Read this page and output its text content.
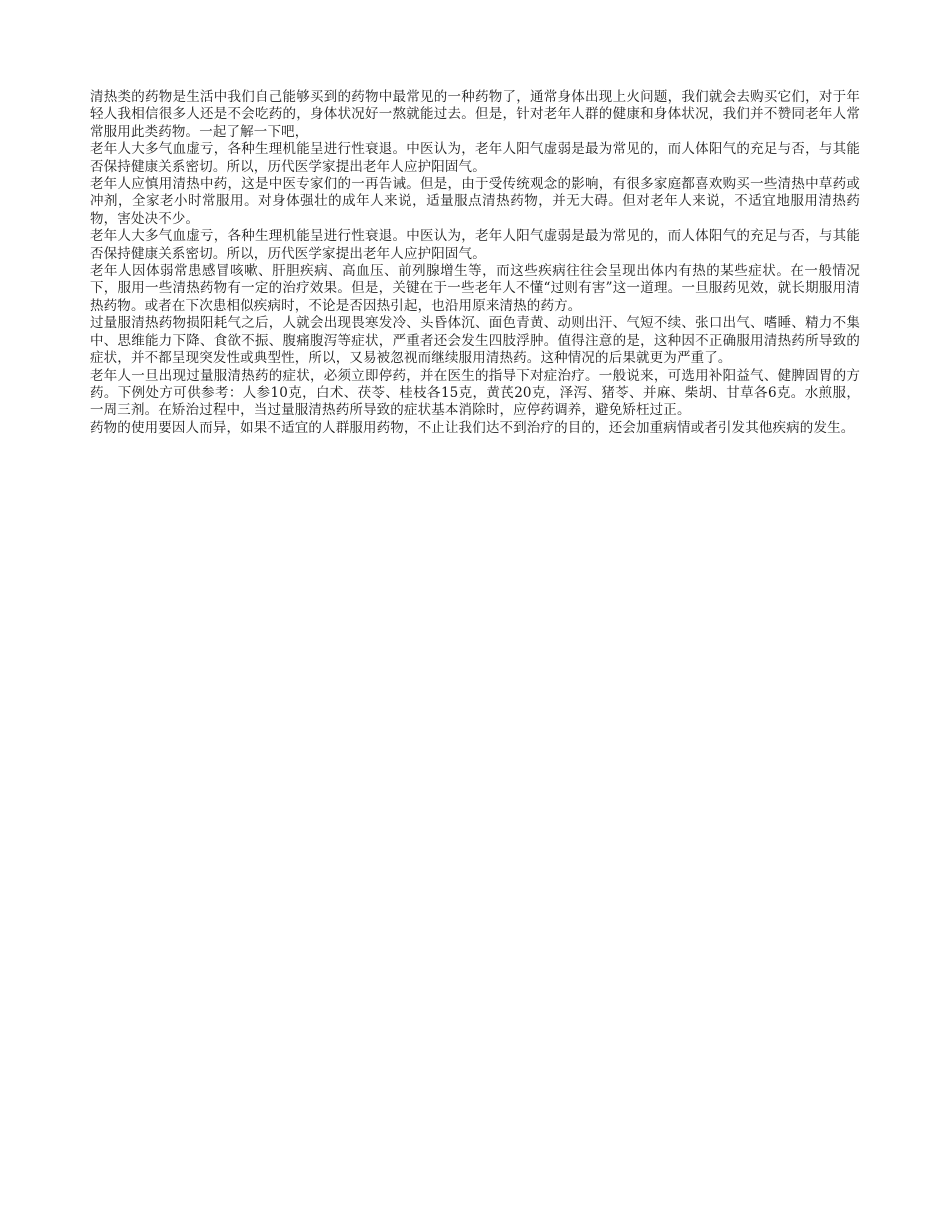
清热类的药物是生活中我们自己能够买到的药物中最常见的一种药物了，通常身体出现上火问题，我们就会去购买它们，对于年轻人我相信很多人还是不会吃药的，身体状况好一熬就能过去。但是，针对老年人群的健康和身体状况，我们并不赞同老年人常常服用此类药物。一起了解一下吧，

老年人大多气血虚亏，各种生理机能呈进行性衰退。中医认为，老年人阳气虚弱是最为常见的，而人体阳气的充足与否，与其能否保持健康关系密切。所以，历代医学家提出老年人应护阳固气。

老年人应慎用清热中药，这是中医专家们的一再告诫。但是，由于受传统观念的影响，有很多家庭都喜欢购买一些清热中草药或冲剂，全家老小时常服用。对身体强壮的成年人来说，适量服点清热药物，并无大碍。但对老年人来说，不适宜地服用清热药物，害处决不少。

老年人大多气血虚亏，各种生理机能呈进行性衰退。中医认为，老年人阳气虚弱是最为常见的，而人体阳气的充足与否，与其能否保持健康关系密切。所以，历代医学家提出老年人应护阳固气。

老年人因体弱常患感冒咳嗽、肝胆疾病、高血压、前列腺增生等，而这些疾病往往会呈现出体内有热的某些症状。在一般情况下，服用一些清热药物有一定的治疗效果。但是，关键在于一些老年人不懂“过则有害”这一道理。一旦服药见效，就长期服用清热药物。或者在下次患相似疾病时，不论是否因热引起，也沿用原来清热的药方。

过量服清热药物损阳耗气之后，人就会出现畏寒发冷、头昏体沉、面色青黄、动则出汗、气短不续、张口出气、嗜睡、精力不集中、思维能力下降、食欲不振、腹痛腹泻等症状，严重者还会发生四肢浮肿。值得注意的是，这种因不正确服用清热药所导致的症状，并不都呈现突发性或典型性，所以，又易被忽视而继续服用清热药。这种情况的后果就更为严重了。

老年人一旦出现过量服清热药的症状，必须立即停药，并在医生的指导下对症治疗。一般说来，可选用补阳益气、健脾固胃的方药。下例处方可供参考：人参10克，白术、茯苓、桂枝各15克，黄芪20克，泽泻、猪苓、并麻、柴胡、甘草各6克。水煎服，一周三剂。在矫治过程中，当过量服清热药所导致的症状基本消除时，应停药调养，避免矫枉过正。

药物的使用要因人而异，如果不适宜的人群服用药物，不止让我们达不到治疗的目的，还会加重病情或者引发其他疾病的发生。
